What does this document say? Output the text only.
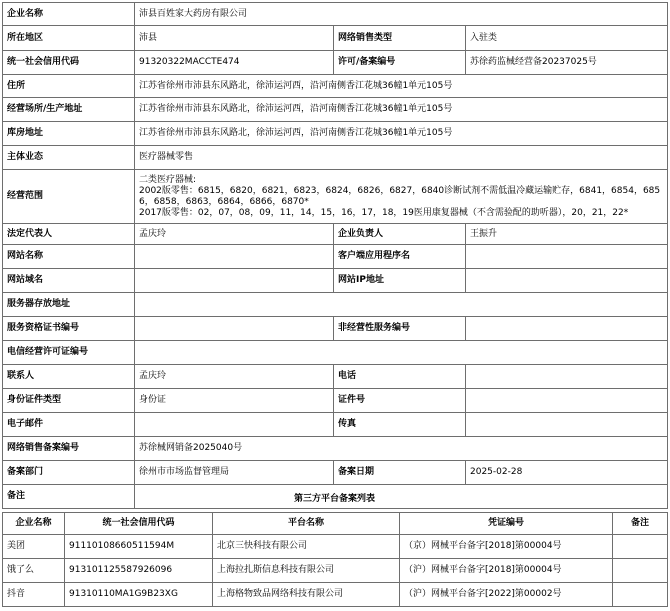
企业名称	沛县百姓家大药房有限公司		
所在地区	沛县	网络销售类型	入驻类
统一社会信用代码	91320322MACCTE474	许可/备案编号	苏徐药监械经营备20237025号
住所	江苏省徐州市沛县东风路北，徐沛运河西，沿河南侧香江花城36幢1单元105号		
经营场所/生产地址	江苏省徐州市沛县东风路北，徐沛运河西，沿河南侧香江花城36幢1单元105号		
库房地址	江苏省徐州市沛县东风路北，徐沛运河西，沿河南侧香江花城36幢1单元105号		
主体业态	医疗器械零售		
经营范围	二类医疗器械:
2002版零售：6815，6820，6821，6823，6824，6826，6827，6840诊断试剂不需低温冷藏运输贮存，6841，6854，6856，6858，6863，6864，6866，6870*
2017版零售：02，07，08，09，11，14，15，16，17，18，19医用康复器械（不含需验配的助听器），20，21，22*		

法定代表人	孟庆玲	企业负责人	王振升
网站名称		客户端应用程序名	
网站域名		网站IP地址	
服务器存放地址			
服务资格证书编号		非经营性服务编号	
电信经营许可证编号			
联系人	孟庆玲	电话	
身份证件类型	身份证	证件号	
电子邮件		传真	
网络销售备案编号	苏徐械网销备2025040号		
备案部门	徐州市市场监督管理局	备案日期	2025-02-28
备注				第三方平台备案列表
企业名称	统一社会信用代码	平台名称	凭证编号	备注
美团	91110108660511594M	北京三快科技有限公司	（京）网械平台备字[2018]第00004号	
饿了么	913101125587926096	上海拉扎斯信息科技有限公司	（沪）网械平台备字[2018]第00004号	
抖音	91310110MA1G9B23XG	上海格物致品网络科技有限公司	（沪）网械平台备字[2022]第00002号	
